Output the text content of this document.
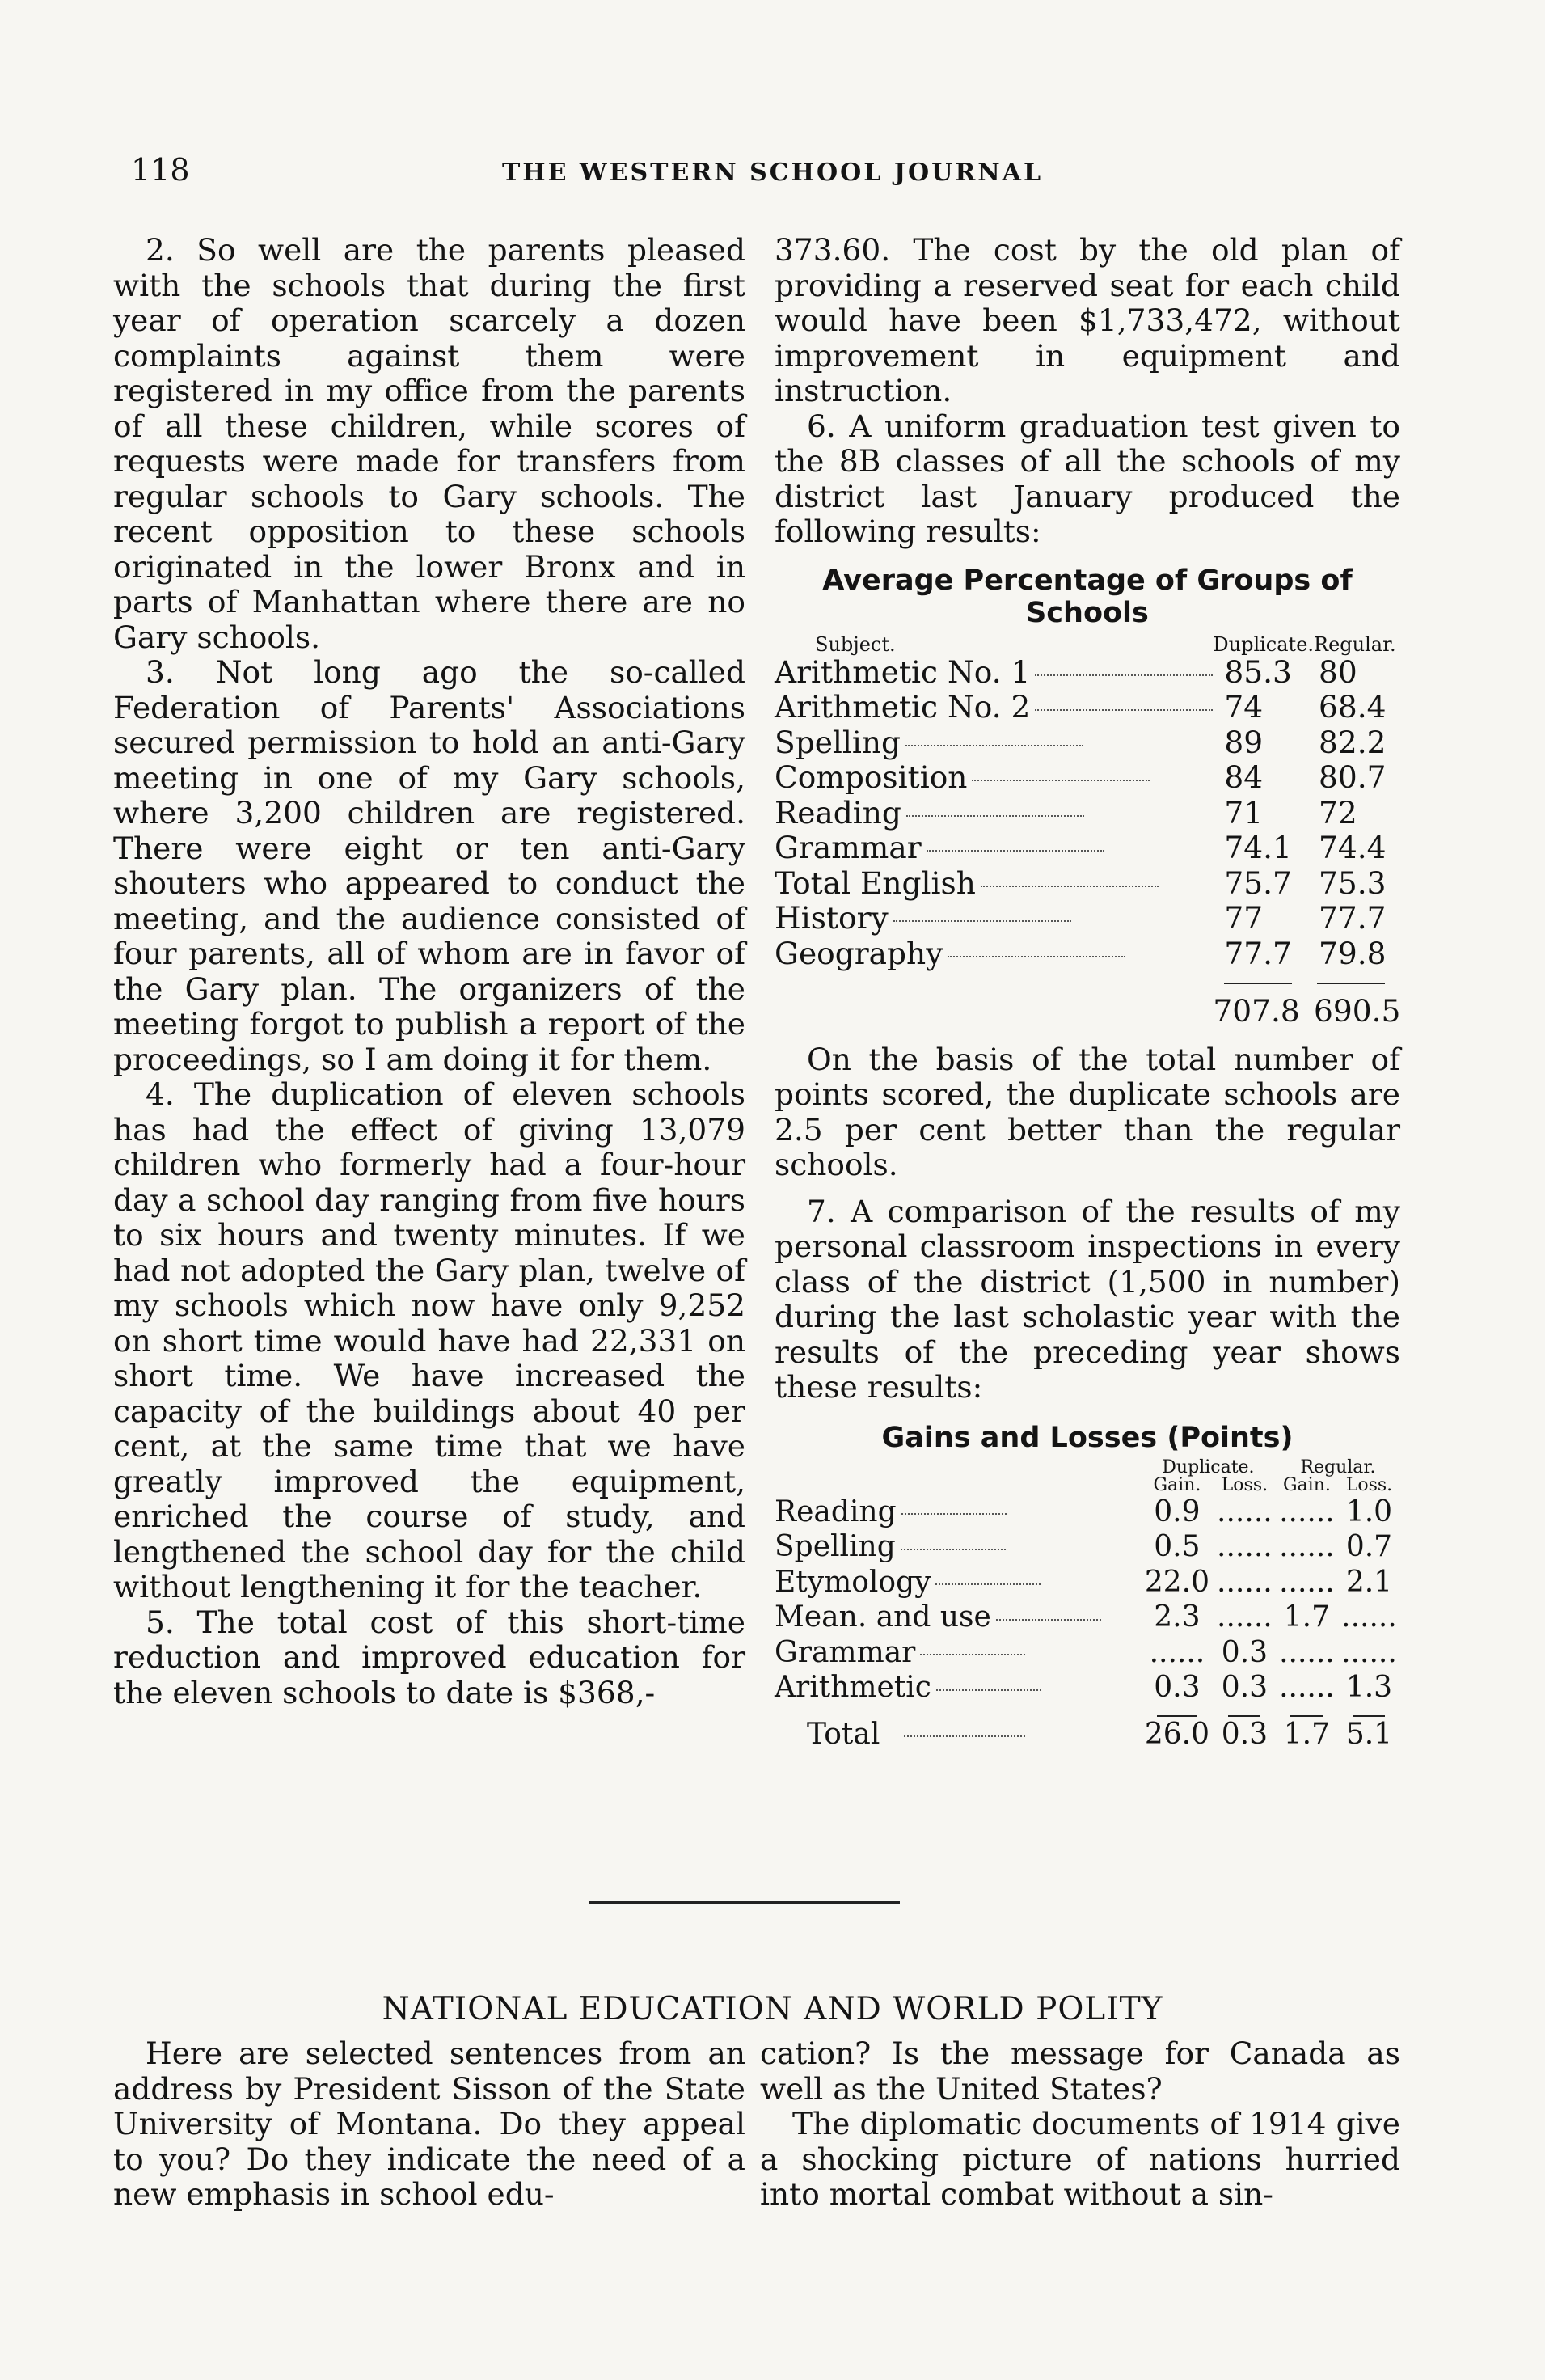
118	THE WESTERN SCHOOL JOURNAL

2. So well are the parents pleased with the schools that during the first year of operation scarcely a dozen complaints against them were registered in my office from the parents of all these children, while scores of requests were made for transfers from regular schools to Gary schools. The recent opposition to these schools originated in the lower Bronx and in parts of Manhattan where there are no Gary schools.

3. Not long ago the so-called Federation of Parents' Associations secured permission to hold an anti-Gary meeting in one of my Gary schools, where 3,200 children are registered. There were eight or ten anti-Gary shouters who appeared to conduct the meeting, and the audience consisted of four parents, all of whom are in favor of the Gary plan. The organizers of the meeting forgot to publish a report of the proceedings, so I am doing it for them.

4. The duplication of eleven schools has had the effect of giving 13,079 children who formerly had a four-hour day a school day ranging from five hours to six hours and twenty minutes. If we had not adopted the Gary plan, twelve of my schools which now have only 9,252 on short time would have had 22,331 on short time. We have increased the capacity of the buildings about 40 per cent, at the same time that we have greatly improved the equipment, enriched the course of study, and lengthened the school day for the child without lengthening it for the teacher.

5. The total cost of this short-time reduction and improved education for the eleven schools to date is $368,-

373.60. The cost by the old plan of providing a reserved seat for each child would have been $1,733,472, without improvement in equipment and instruction.

6. A uniform graduation test given to the 8B classes of all the schools of my district last January produced the following results:

Average Percentage of Groups of Schools
Subject.	Duplicate.	Regular.
Arithmetic No. 1	85.3	80
Arithmetic No. 2	74	68.4
Spelling	89	82.2
Composition	84	80.7
Reading	71	72
Grammar	74.1	74.4
Total English	75.7	75.3
History	77	77.7
Geography	77.7	79.8

	707.8	690.5

On the basis of the total number of points scored, the duplicate schools are 2.5 per cent better than the regular schools.

7. A comparison of the results of my personal classroom inspections in every class of the district (1,500 in number) during the last scholastic year with the results of the preceding year shows these results:

Gains and Losses (Points)
	Duplicate.		Regular.	
	Gain.	Loss.	Gain.	Loss.
Reading	0.9	......	......	1.0
Spelling	0.5	......	......	0.7
Etymology	22.0	......	......	2.1
Mean. and use	2.3	......	1.7	......
Grammar	......	0.3	......	......
Arithmetic	0.3	0.3	......	1.3

Total	26.0	0.3	1.7	5.1
NATIONAL EDUCATION AND WORLD POLITY

Here are selected sentences from an address by President Sisson of the State University of Montana. Do they appeal to you? Do they indicate the need of a new emphasis in school edu-

cation? Is the message for Canada as well as the United States?

The diplomatic documents of 1914 give a shocking picture of nations hurried into mortal combat without a sin-
